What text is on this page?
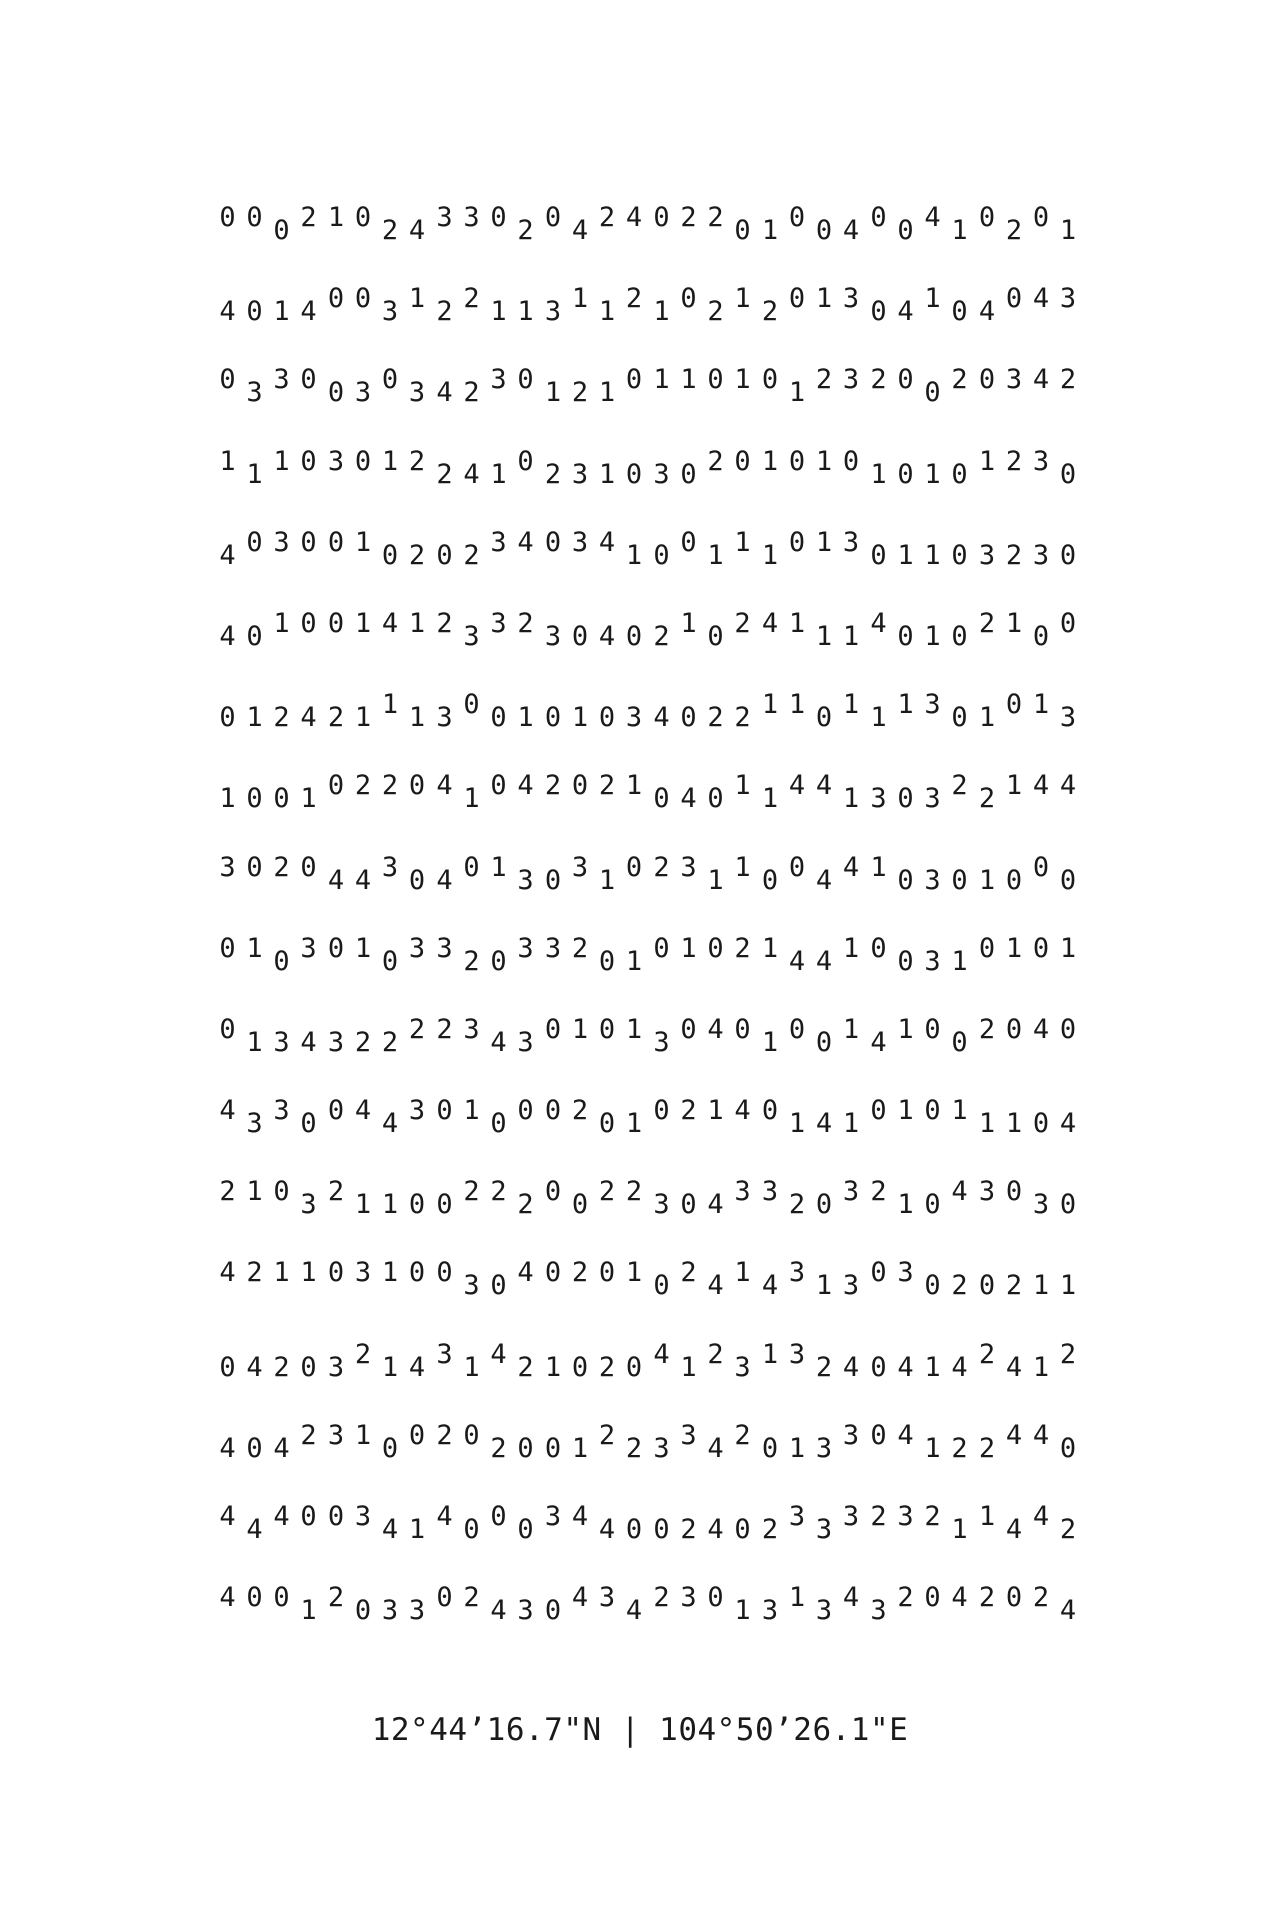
0 0 0 2 1 0 2 4 3 3 0 2 0 4 2 4 0 2 2 0 1 0 0 4 0 0 4 1 0 2 0 1
4 0 1 4 0 0 3 1 2 2 1 1 3 1 1 2 1 0 2 1 2 0 1 3 0 4 1 0 4 0 4 3
0 3 3 0 0 3 0 3 4 2 3 0 1 2 1 0 1 1 0 1 0 1 2 3 2 0 0 2 0 3 4 2
1 1 1 0 3 0 1 2 2 4 1 0 2 3 1 0 3 0 2 0 1 0 1 0 1 0 1 0 1 2 3 0
4 0 3 0 0 1 0 2 0 2 3 4 0 3 4 1 0 0 1 1 1 0 1 3 0 1 1 0 3 2 3 0
4 0 1 0 0 1 4 1 2 3 3 2 3 0 4 0 2 1 0 2 4 1 1 1 4 0 1 0 2 1 0 0
0 1 2 4 2 1 1 1 3 0 0 1 0 1 0 3 4 0 2 2 1 1 0 1 1 1 3 0 1 0 1 3
1 0 0 1 0 2 2 0 4 1 0 4 2 0 2 1 0 4 0 1 1 4 4 1 3 0 3 2 2 1 4 4
3 0 2 0 4 4 3 0 4 0 1 3 0 3 1 0 2 3 1 1 0 0 4 4 1 0 3 0 1 0 0 0
0 1 0 3 0 1 0 3 3 2 0 3 3 2 0 1 0 1 0 2 1 4 4 1 0 0 3 1 0 1 0 1
0 1 3 4 3 2 2 2 2 3 4 3 0 1 0 1 3 0 4 0 1 0 0 1 4 1 0 0 2 0 4 0
4 3 3 0 0 4 4 3 0 1 0 0 0 2 0 1 0 2 1 4 0 1 4 1 0 1 0 1 1 1 0 4
2 1 0 3 2 1 1 0 0 2 2 2 0 0 2 2 3 0 4 3 3 2 0 3 2 1 0 4 3 0 3 0
4 2 1 1 0 3 1 0 0 3 0 4 0 2 0 1 0 2 4 1 4 3 1 3 0 3 0 2 0 2 1 1
0 4 2 0 3 2 1 4 3 1 4 2 1 0 2 0 4 1 2 3 1 3 2 4 0 4 1 4 2 4 1 2
4 0 4 2 3 1 0 0 2 0 2 0 0 1 2 2 3 3 4 2 0 1 3 3 0 4 1 2 2 4 4 0
4 4 4 0 0 3 4 1 4 0 0 0 3 4 4 0 0 2 4 0 2 3 3 3 2 3 2 1 1 4 4 2
4 0 0 1 2 0 3 3 0 2 4 3 0 4 3 4 2 3 0 1 3 1 3 4 3 2 0 4 2 0 2 4
12°44’16.7"N | 104°50’26.1"E
